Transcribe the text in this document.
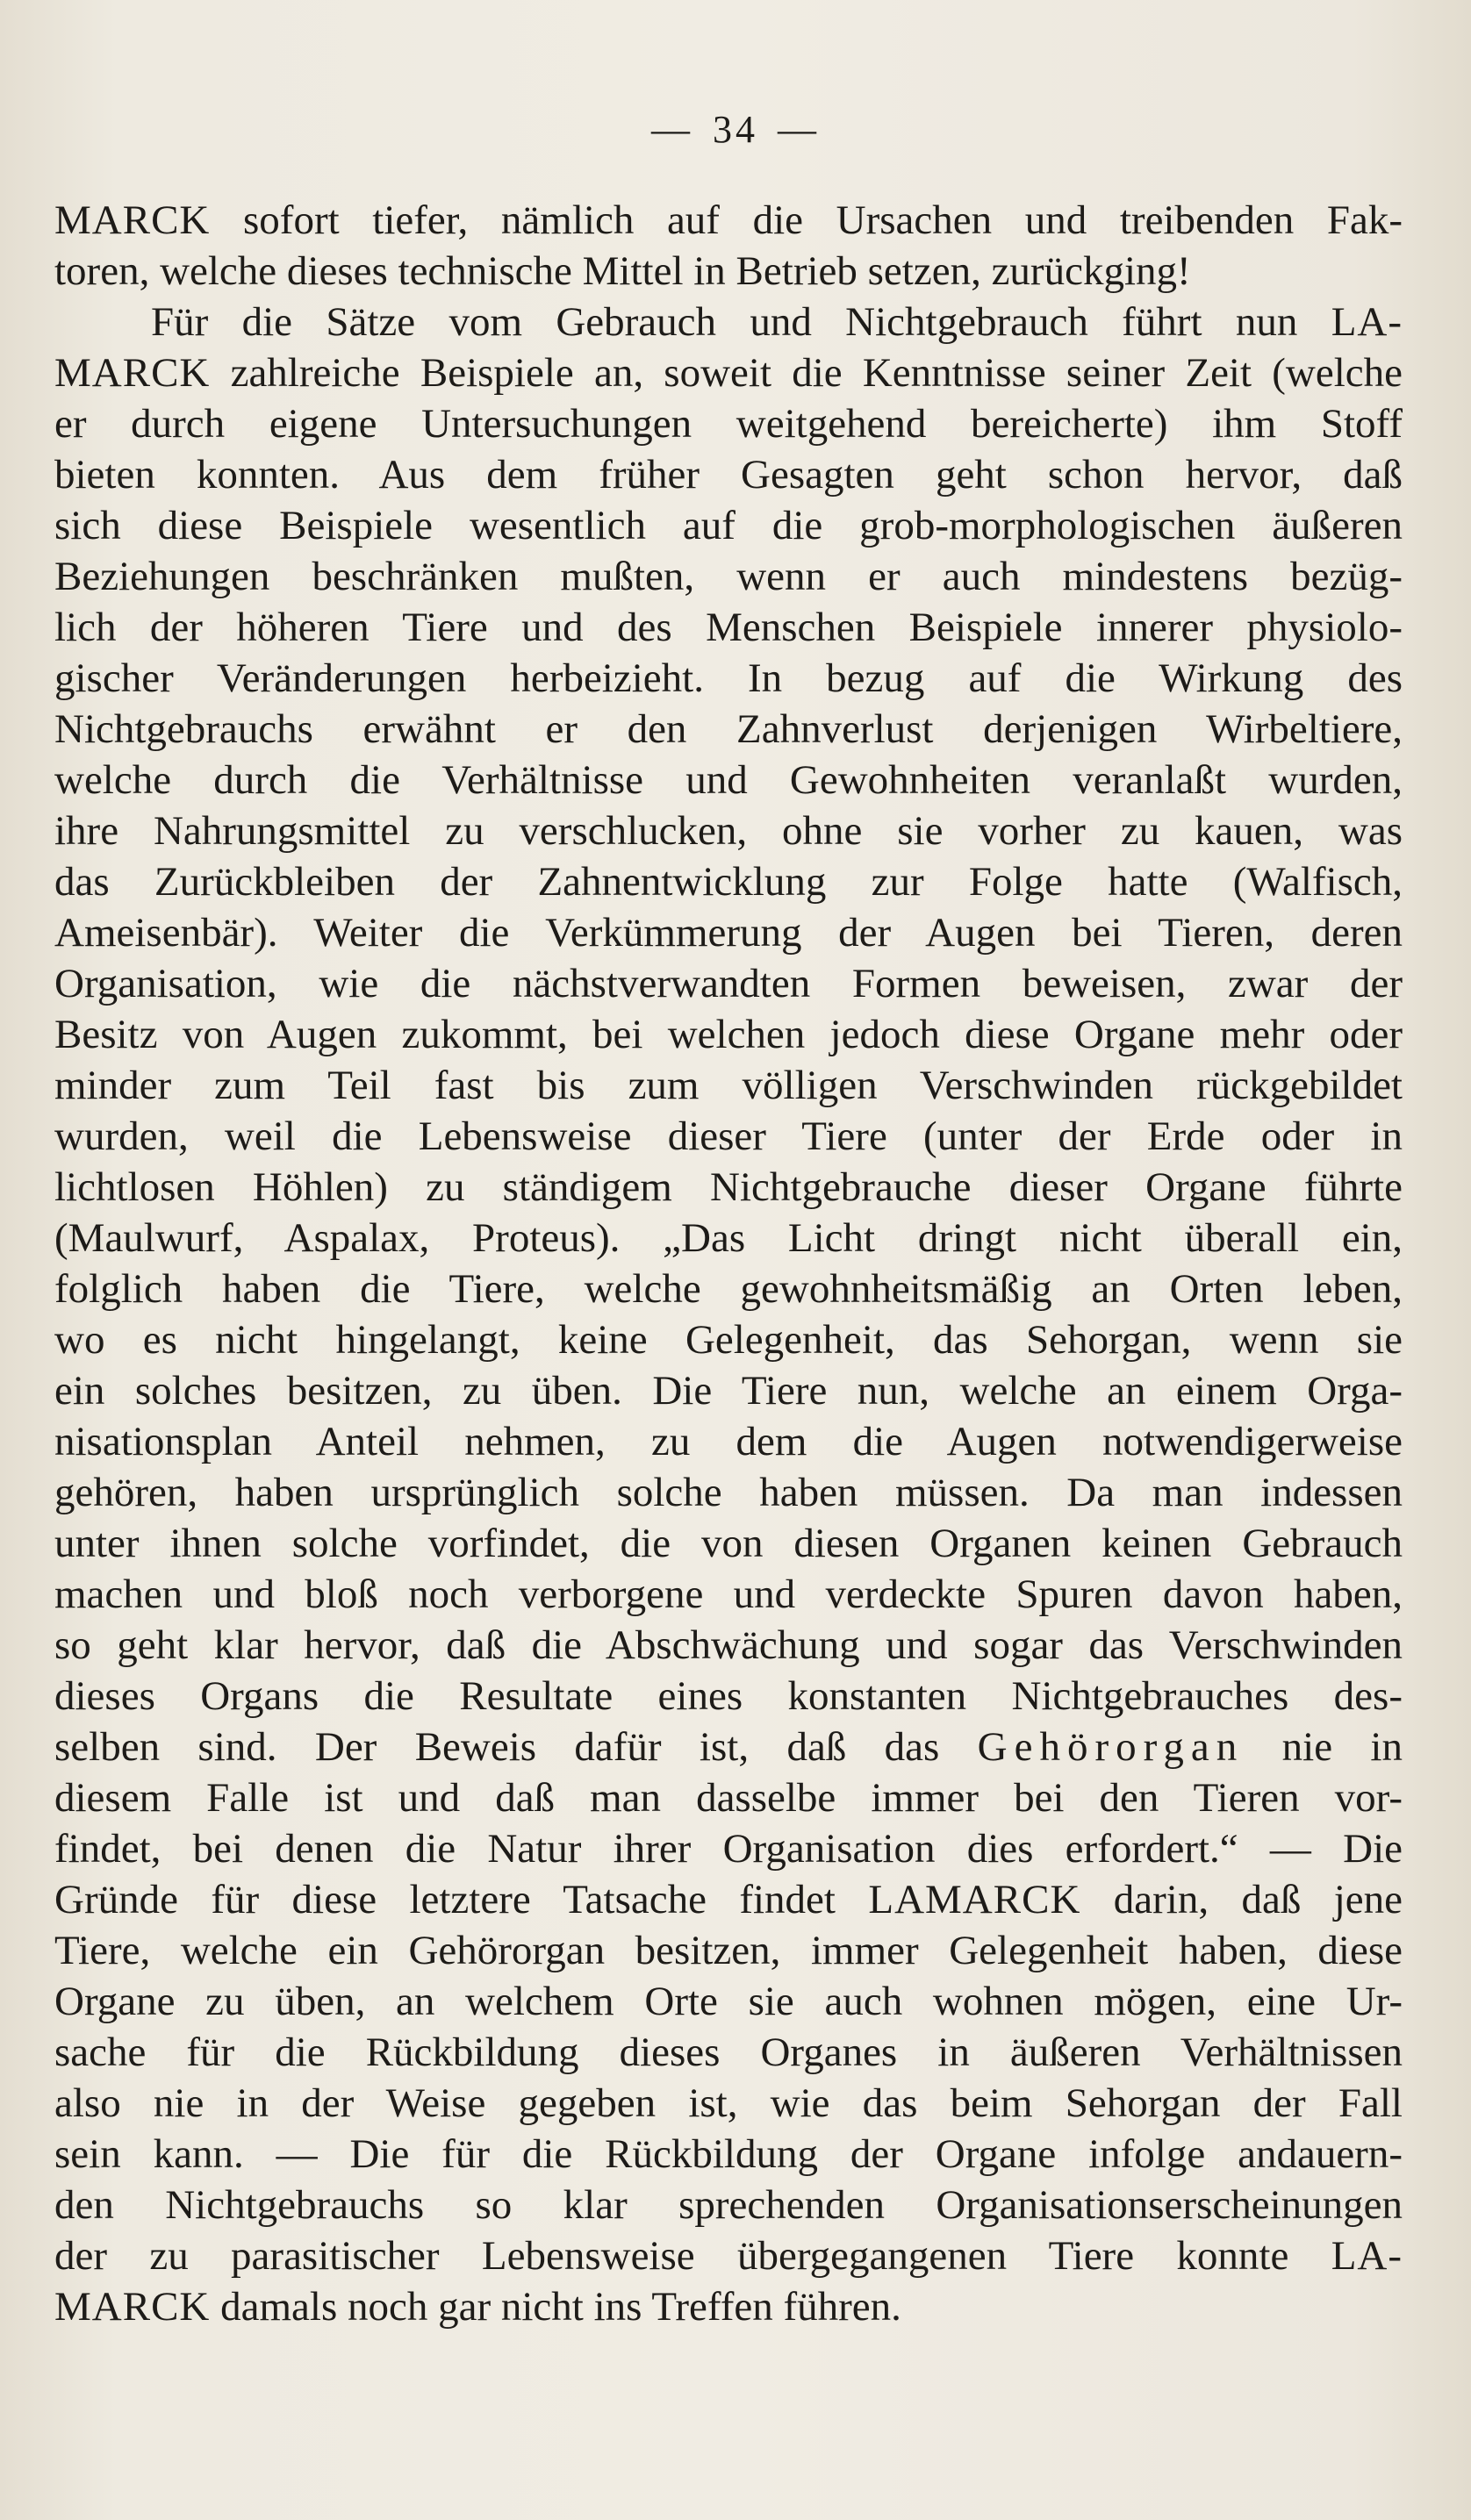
— 34 —
MARCK sofort tiefer, nämlich auf die Ursachen und treibenden Fak-
toren, welche dieses technische Mittel in Betrieb setzen, zurückging!
Für die Sätze vom Gebrauch und Nichtgebrauch führt nun LA-
MARCK zahlreiche Beispiele an, soweit die Kenntnisse seiner Zeit (welche
er durch eigene Untersuchungen weitgehend bereicherte) ihm Stoff
bieten konnten. Aus dem früher Gesagten geht schon hervor, daß
sich diese Beispiele wesentlich auf die grob-morphologischen äußeren
Beziehungen beschränken mußten, wenn er auch mindestens bezüg-
lich der höheren Tiere und des Menschen Beispiele innerer physiolo-
gischer Veränderungen herbeizieht. In bezug auf die Wirkung des
Nichtgebrauchs erwähnt er den Zahnverlust derjenigen Wirbeltiere,
welche durch die Verhältnisse und Gewohnheiten veranlaßt wurden,
ihre Nahrungsmittel zu verschlucken, ohne sie vorher zu kauen, was
das Zurückbleiben der Zahnentwicklung zur Folge hatte (Walfisch,
Ameisenbär). Weiter die Verkümmerung der Augen bei Tieren, deren
Organisation, wie die nächstverwandten Formen beweisen, zwar der
Besitz von Augen zukommt, bei welchen jedoch diese Organe mehr oder
minder zum Teil fast bis zum völligen Verschwinden rückgebildet
wurden, weil die Lebensweise dieser Tiere (unter der Erde oder in
lichtlosen Höhlen) zu ständigem Nichtgebrauche dieser Organe führte
(Maulwurf, Aspalax, Proteus). „Das Licht dringt nicht überall ein,
folglich haben die Tiere, welche gewohnheitsmäßig an Orten leben,
wo es nicht hingelangt, keine Gelegenheit, das Sehorgan, wenn sie
ein solches besitzen, zu üben. Die Tiere nun, welche an einem Orga-
nisationsplan Anteil nehmen, zu dem die Augen notwendigerweise
gehören, haben ursprünglich solche haben müssen. Da man indessen
unter ihnen solche vorfindet, die von diesen Organen keinen Gebrauch
machen und bloß noch verborgene und verdeckte Spuren davon haben,
so geht klar hervor, daß die Abschwächung und sogar das Verschwinden
dieses Organs die Resultate eines konstanten Nichtgebrauches des-
selben sind. Der Beweis dafür ist, daß das Gehörorgan nie in
diesem Falle ist und daß man dasselbe immer bei den Tieren vor-
findet, bei denen die Natur ihrer Organisation dies erfordert.“ — Die
Gründe für diese letztere Tatsache findet LAMARCK darin, daß jene
Tiere, welche ein Gehörorgan besitzen, immer Gelegenheit haben, diese
Organe zu üben, an welchem Orte sie auch wohnen mögen, eine Ur-
sache für die Rückbildung dieses Organes in äußeren Verhältnissen
also nie in der Weise gegeben ist, wie das beim Sehorgan der Fall
sein kann. — Die für die Rückbildung der Organe infolge andauern-
den Nichtgebrauchs so klar sprechenden Organisationserscheinungen
der zu parasitischer Lebensweise übergegangenen Tiere konnte LA-
MARCK damals noch gar nicht ins Treffen führen.
